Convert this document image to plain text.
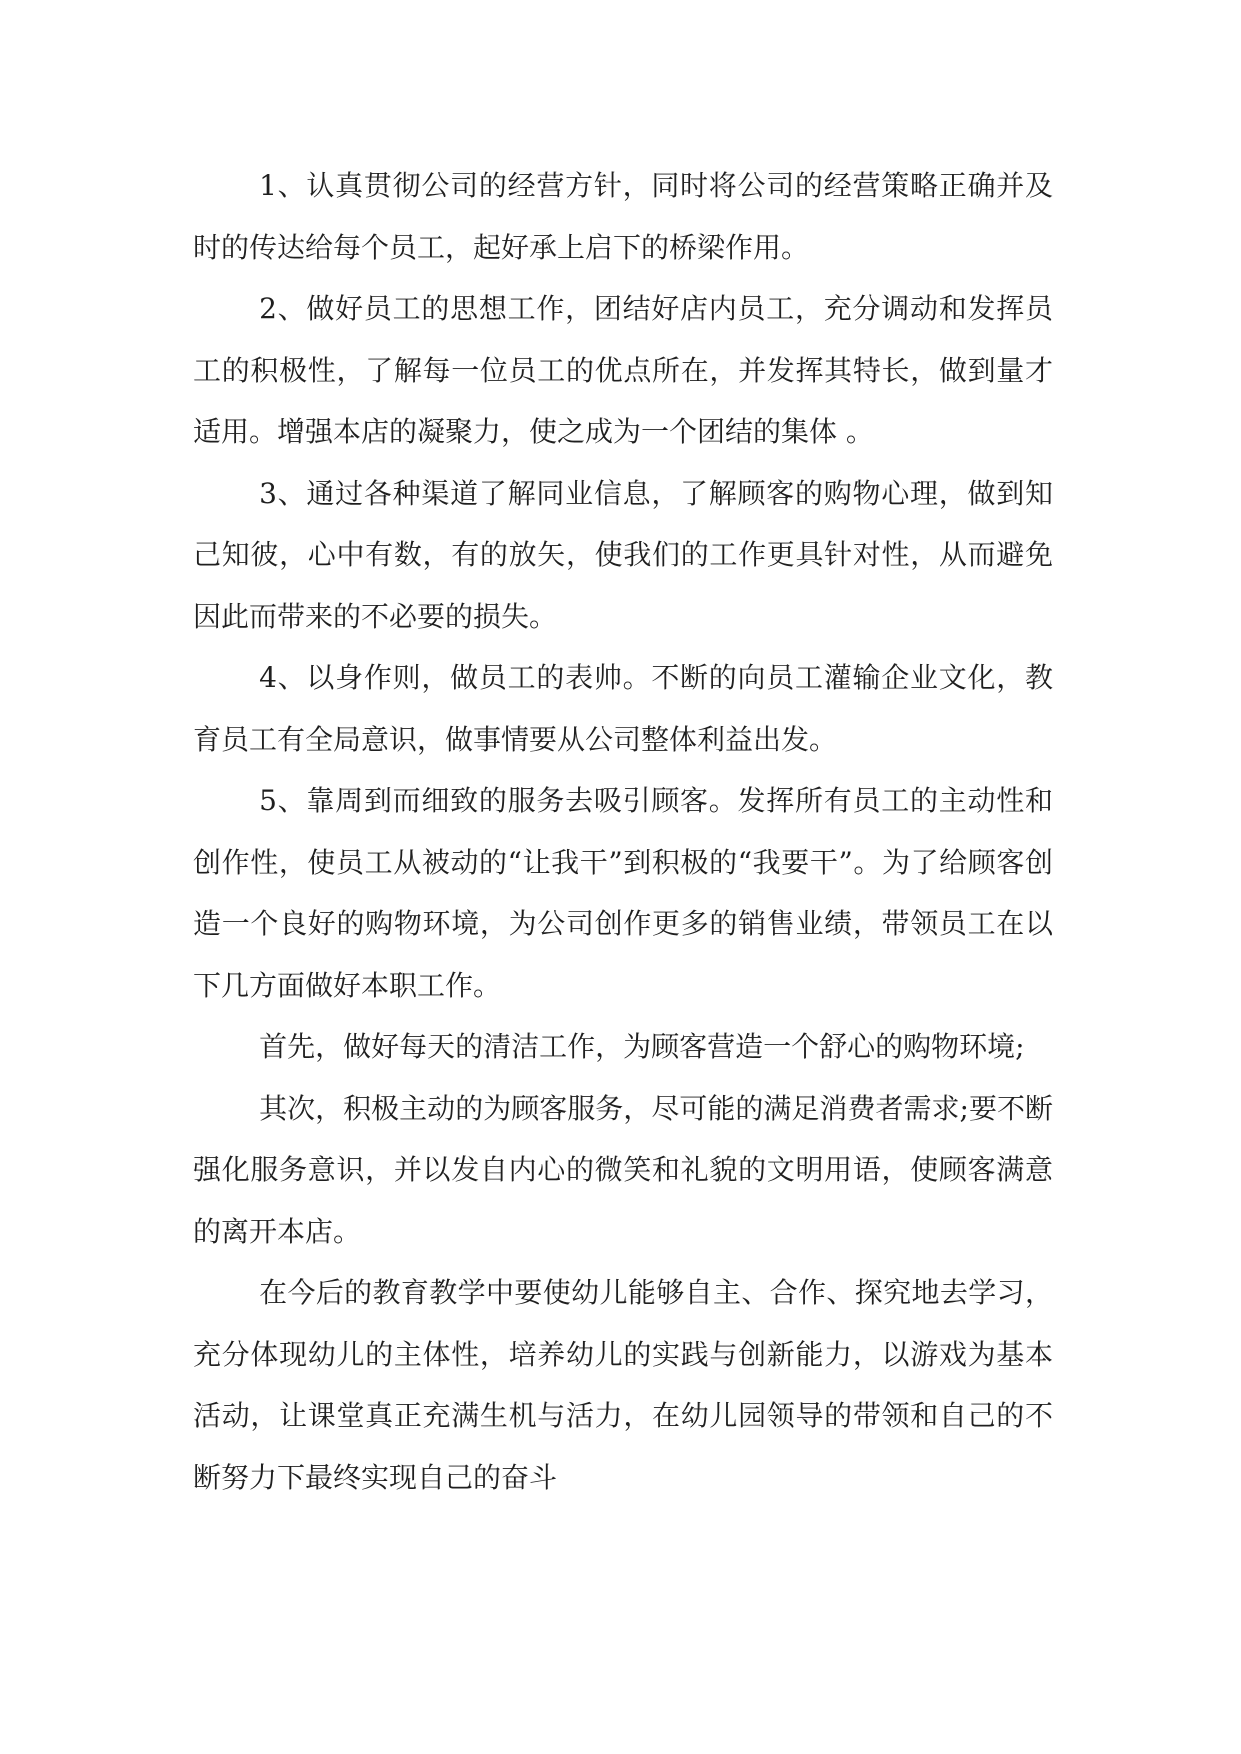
1、认真贯彻公司的经营方针，同时将公司的经营策略正确并及时的传达给每个员工，起好承上启下的桥梁作用。

2、做好员工的思想工作，团结好店内员工，充分调动和发挥员工的积极性，了解每一位员工的优点所在，并发挥其特长，做到量才适用。增强本店的凝聚力，使之成为一个团结的集体 。

3、通过各种渠道了解同业信息，了解顾客的购物心理，做到知己知彼，心中有数，有的放矢，使我们的工作更具针对性，从而避免因此而带来的不必要的损失。

4、以身作则，做员工的表帅。不断的向员工灌输企业文化，教育员工有全局意识，做事情要从公司整体利益出发。

5、靠周到而细致的服务去吸引顾客。发挥所有员工的主动性和创作性，使员工从被动的“让我干”到积极的“我要干”。为了给顾客创造一个良好的购物环境，为公司创作更多的销售业绩，带领员工在以下几方面做好本职工作。

首先，做好每天的清洁工作，为顾客营造一个舒心的购物环境;

其次，积极主动的为顾客服务，尽可能的满足消费者需求;要不断强化服务意识，并以发自内心的微笑和礼貌的文明用语，使顾客满意的离开本店。

在今后的教育教学中要使幼儿能够自主、合作、探究地去学习，充分体现幼儿的主体性，培养幼儿的实践与创新能力，以游戏为基本活动，让课堂真正充满生机与活力，在幼儿园领导的带领和自己的不断努力下最终实现自己的奋斗
